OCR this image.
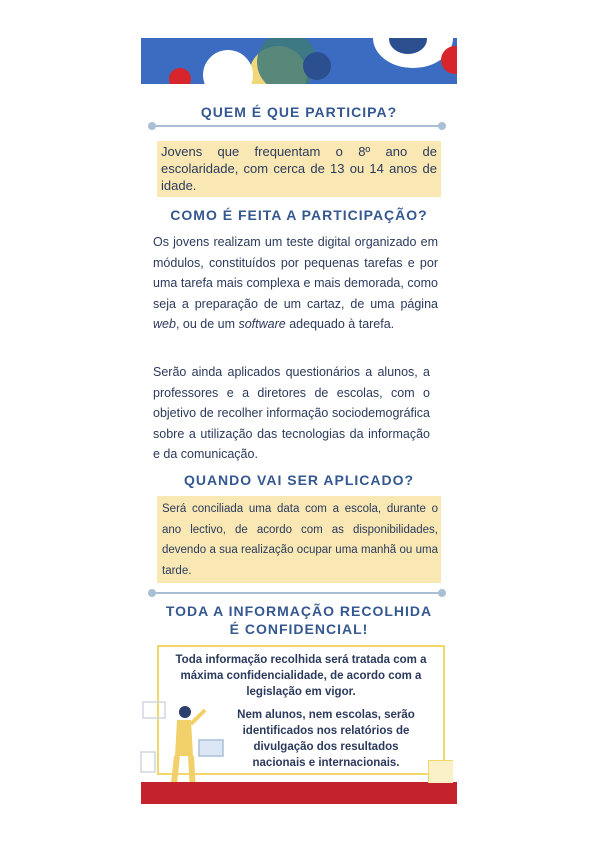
QUEM É QUE PARTICIPA?
Jovens que frequentam o 8º ano de escolaridade, com cerca de 13 ou 14 anos de idade.
COMO É FEITA A PARTICIPAÇÃO?
Os jovens realizam um teste digital organizado em módulos, constituídos por pequenas tarefas e por uma tarefa mais complexa e mais demorada, como seja a preparação de um cartaz, de uma página web, ou de um software adequado à tarefa.
Serão ainda aplicados questionários a alunos, a professores e a diretores de escolas, com o objetivo de recolher informação sociodemográfica sobre a utilização das tecnologias da informação e da comunicação.
QUANDO VAI SER APLICADO?
Será conciliada uma data com a escola, durante o ano lectivo, de acordo com as disponibilidades, devendo a sua realização ocupar uma manhã ou uma tarde.
TODA A INFORMAÇÃO RECOLHIDA
É CONFIDENCIAL!
Toda informação recolhida será tratada com a máxima confidencialidade, de acordo com a legislação em vigor.
Nem alunos, nem escolas, serão identificados nos relatórios de divulgação dos resultados nacionais e internacionais.
